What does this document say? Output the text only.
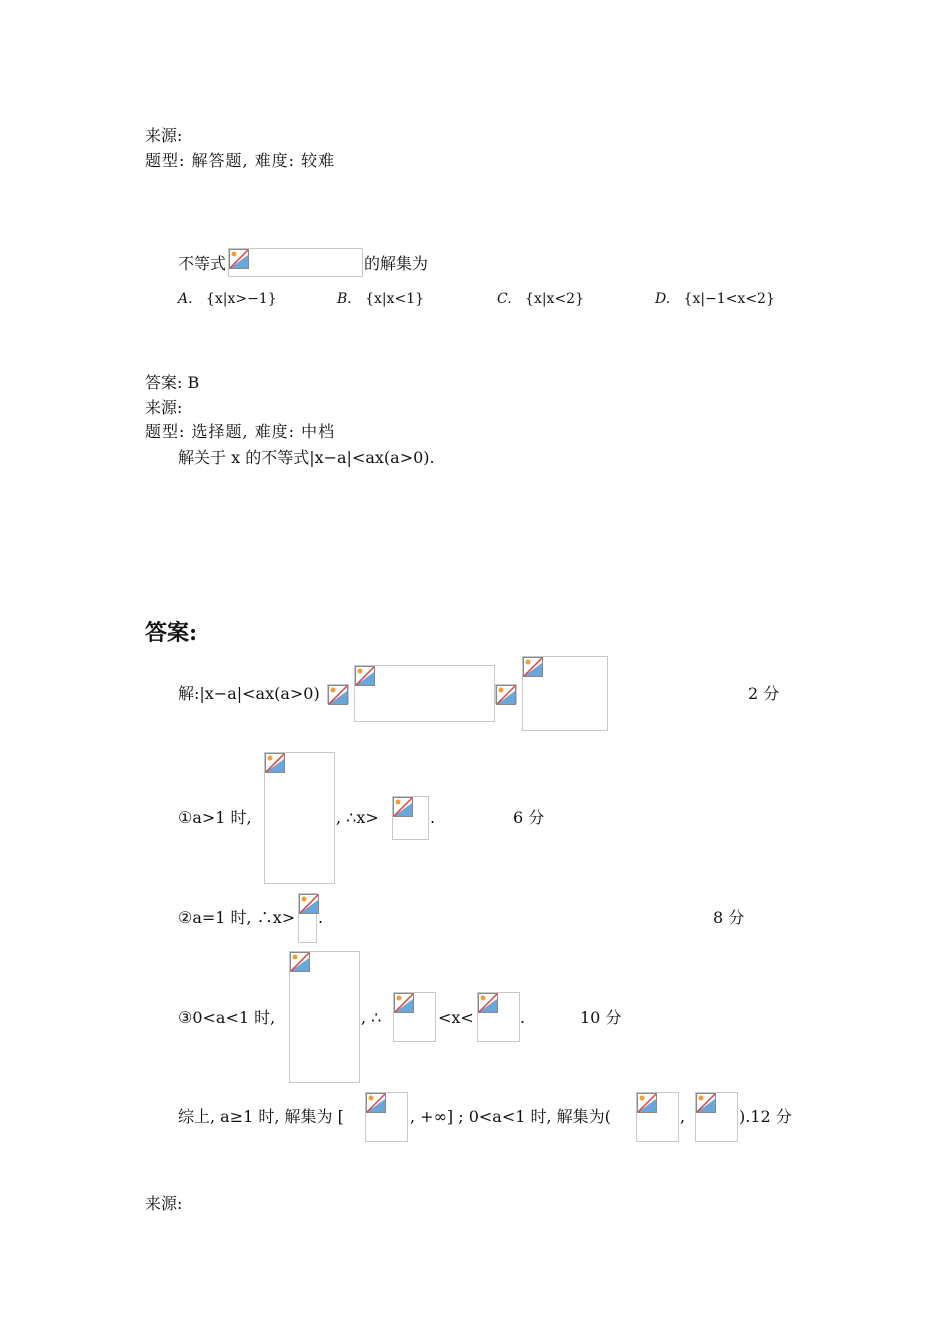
来源:
题型: 解答题, 难度: 较难
不等式	的解集为
A. {x|x>−1}	B. {x|x<1}	C. {x|x<2}	D. {x|−1<x<2}
答案: B
来源:
题型: 选择题, 难度: 中档
解关于 x 的不等式|x−a|<ax(a>0).
答案:
解:|x−a|<ax(a>0)	2 分
①a>1 时,	, ∴x>	.	6 分
②a=1 时, ∴x> .	8 分
③0<a<1 时,	, ∴	<x<	.	10 分
综上, a≥1 时, 解集为 [	, +∞] ; 0<a<1 时, 解集为(	,	).12 分
来源:
